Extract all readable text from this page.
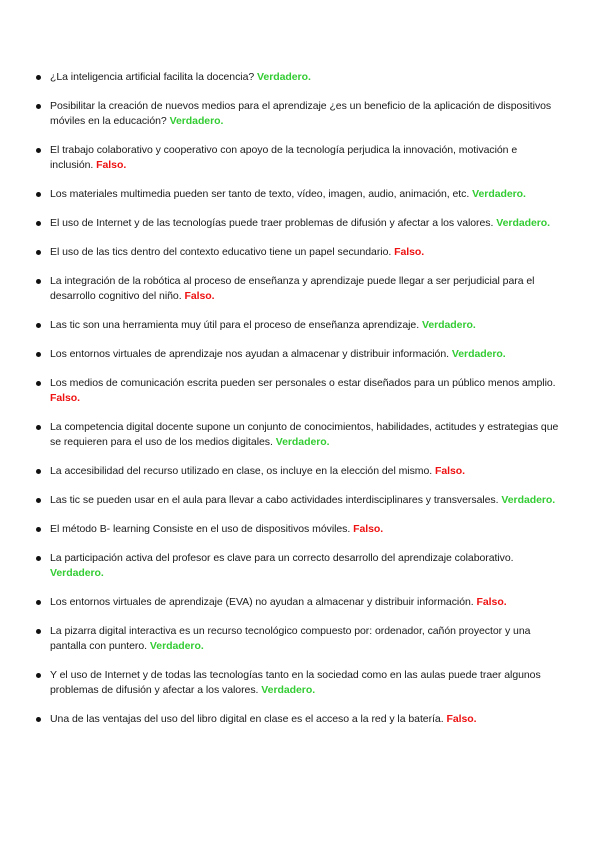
¿La inteligencia artificial facilita la docencia? Verdadero.
Posibilitar la creación de nuevos medios para el aprendizaje ¿es un beneficio de la aplicación de dispositivos móviles en la educación? Verdadero.
El trabajo colaborativo y cooperativo con apoyo de la tecnología perjudica la innovación, motivación e inclusión. Falso.
Los materiales multimedia pueden ser tanto de texto, vídeo, imagen, audio, animación, etc. Verdadero.
El uso de Internet y de las tecnologías puede traer problemas de difusión y afectar a los valores. Verdadero.
El uso de las tics dentro del contexto educativo tiene un papel secundario. Falso.
La integración de la robótica al proceso de enseñanza y aprendizaje puede llegar a ser perjudicial para el desarrollo cognitivo del niño. Falso.
Las tic son una herramienta muy útil para el proceso de enseñanza aprendizaje. Verdadero.
Los entornos virtuales de aprendizaje nos ayudan a almacenar y distribuir información. Verdadero.
Los medios de comunicación escrita pueden ser personales o estar diseñados para un público menos amplio. Falso.
La competencia digital docente supone un conjunto de conocimientos, habilidades, actitudes y estrategias que se requieren para el uso de los medios digitales. Verdadero.
La accesibilidad del recurso utilizado en clase, os incluye en la elección del mismo. Falso.
Las tic se pueden usar en el aula para llevar a cabo actividades interdisciplinares y transversales. Verdadero.
El método B- learning Consiste en el uso de dispositivos móviles. Falso.
La participación activa del profesor es clave para un correcto desarrollo del aprendizaje colaborativo. Verdadero.
Los entornos virtuales de aprendizaje (EVA) no ayudan a almacenar y distribuir información. Falso.
La pizarra digital interactiva es un recurso tecnológico compuesto por: ordenador, cañón proyector y una pantalla con puntero. Verdadero.
Y el uso de Internet y de todas las tecnologías tanto en la sociedad como en las aulas puede traer algunos problemas de difusión y afectar a los valores. Verdadero.
Una de las ventajas del uso del libro digital en clase es el acceso a la red y la batería. Falso.
